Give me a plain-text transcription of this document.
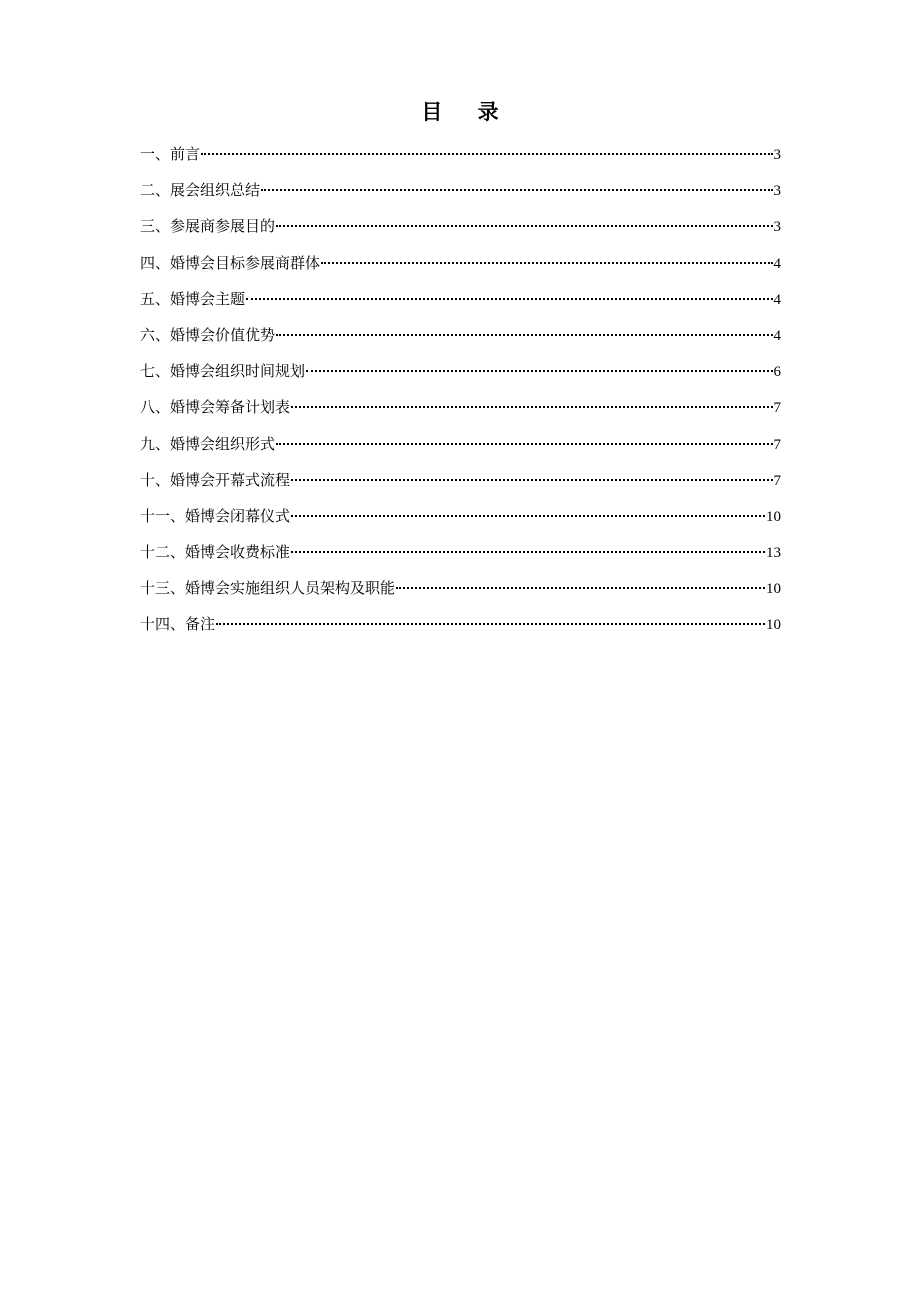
目 录
一、前言	3
二、展会组织总结	3
三、参展商参展目的	3
四、婚博会目标参展商群体	4
五、婚博会主题	4
六、婚博会价值优势	4
七、婚博会组织时间规划	6
八、婚博会筹备计划表	7
九、婚博会组织形式	7
十、婚博会开幕式流程	7
十一、婚博会闭幕仪式	10
十二、婚博会收费标准	13
十三、婚博会实施组织人员架构及职能	10
十四、备注	10
